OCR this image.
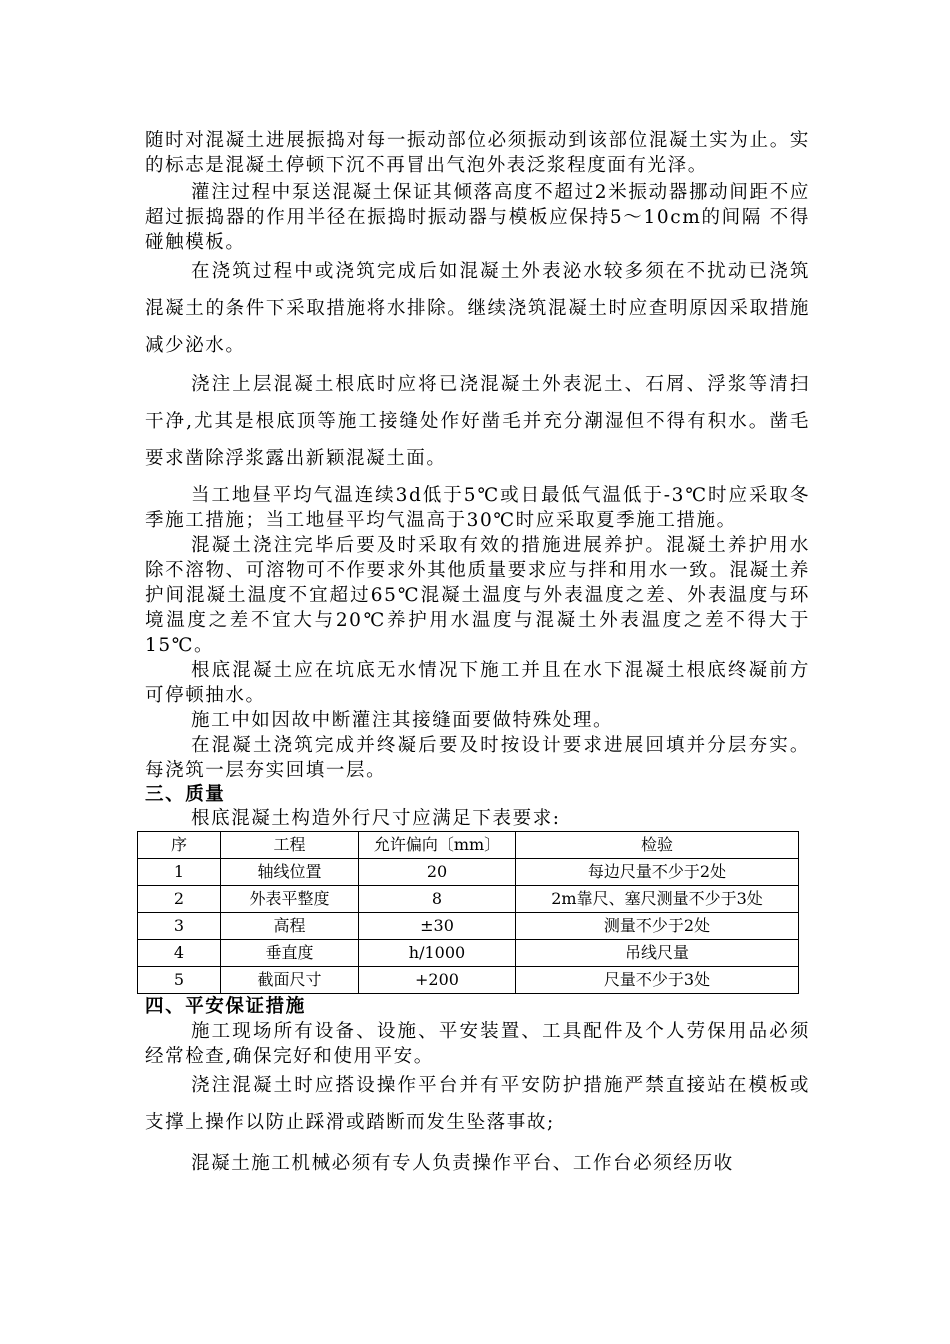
随时对混凝土进展振捣对每一振动部位必须振动到该部位混凝土实为止。实的标志是混凝土停顿下沉不再冒出气泡外表泛浆程度面有光泽。

灌注过程中泵送混凝土保证其倾落高度不超过2米振动器挪动间距不应超过振捣器的作用半径在振捣时振动器与模板应保持5～10cm的间隔 不得碰触模板。

在浇筑过程中或浇筑完成后如混凝土外表泌水较多须在不扰动已浇筑混凝土的条件下采取措施将水排除。继续浇筑混凝土时应查明原因采取措施减少泌水。

浇注上层混凝土根底时应将已浇混凝土外表泥土、石屑、浮浆等清扫干净,尤其是根底顶等施工接缝处作好凿毛并充分潮湿但不得有积水。凿毛要求凿除浮浆露出新颖混凝土面。

当工地昼平均气温连续3d低于5℃或日最低气温低于-3℃时应采取冬季施工措施；当工地昼平均气温高于30℃时应采取夏季施工措施。

混凝土浇注完毕后要及时采取有效的措施进展养护。混凝土养护用水除不溶物、可溶物可不作要求外其他质量要求应与拌和用水一致。混凝土养护间混凝土温度不宜超过65℃混凝土温度与外表温度之差、外表温度与环境温度之差不宜大与20℃养护用水温度与混凝土外表温度之差不得大于15℃。

根底混凝土应在坑底无水情况下施工并且在水下混凝土根底终凝前方可停顿抽水。

施工中如因故中断灌注其接缝面要做特殊处理。

在混凝土浇筑完成并终凝后要及时按设计要求进展回填并分层夯实。每浇筑一层夯实回填一层。

三、质量

根底混凝土构造外行尺寸应满足下表要求:

序	工程	允许偏向〔mm〕	检验
1	轴线位置	20	每边尺量不少于2处
2	外表平整度	8	2m靠尺、塞尺测量不少于3处
3	高程	±30	测量不少于2处
4	垂直度	h/1000	吊线尺量
5	截面尺寸	+200	尺量不少于3处
四、平安保证措施

施工现场所有设备、设施、平安装置、工具配件及个人劳保用品必须经常检查,确保完好和使用平安。

浇注混凝土时应搭设操作平台并有平安防护措施严禁直接站在模板或支撑上操作以防止踩滑或踏断而发生坠落事故;

混凝土施工机械必须有专人负责操作平台、工作台必须经历收
